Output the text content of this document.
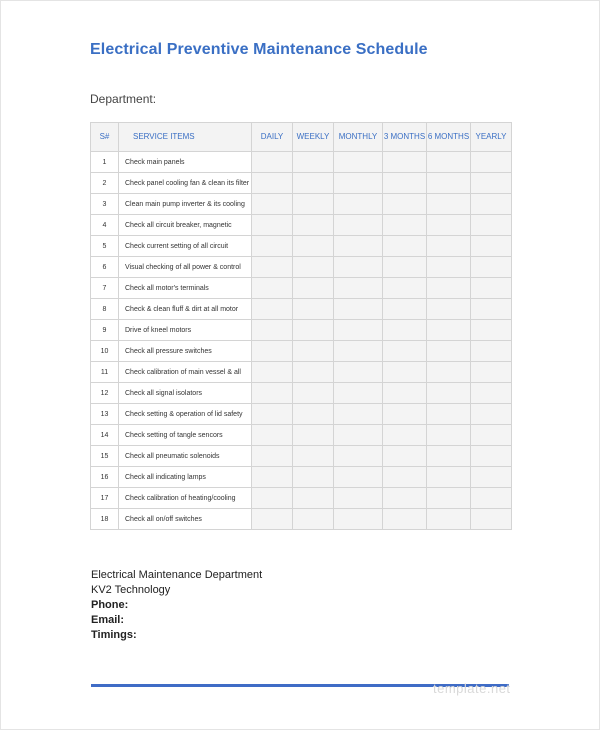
Electrical Preventive Maintenance Schedule
Department:
S#	SERVICE ITEMS	DAILY	WEEKLY	MONTHLY	3 MONTHS	6 MONTHS	YEARLY
1	Check main panels						
2	Check panel cooling fan & clean its filter						
3	Clean main pump inverter & its cooling						
4	Check all circuit breaker, magnetic						
5	Check current setting of all circuit						
6	Visual checking of all power & control						
7	Check all motor's terminals						
8	Check & clean fluff & dirt at all motor						
9	Drive of kneel motors						
10	Check all pressure switches						
11	Check calibration of main vessel & all						
12	Check all signal isolators						
13	Check setting & operation of lid safety						
14	Check setting of tangle sencors						
15	Check all pneumatic solenoids						
16	Check all indicating lamps						
17	Check calibration of heating/cooling						
18	Check all on/off switches						
Electrical Maintenance Department
KV2 Technology
Phone:
Email:
Timings:
template.net
